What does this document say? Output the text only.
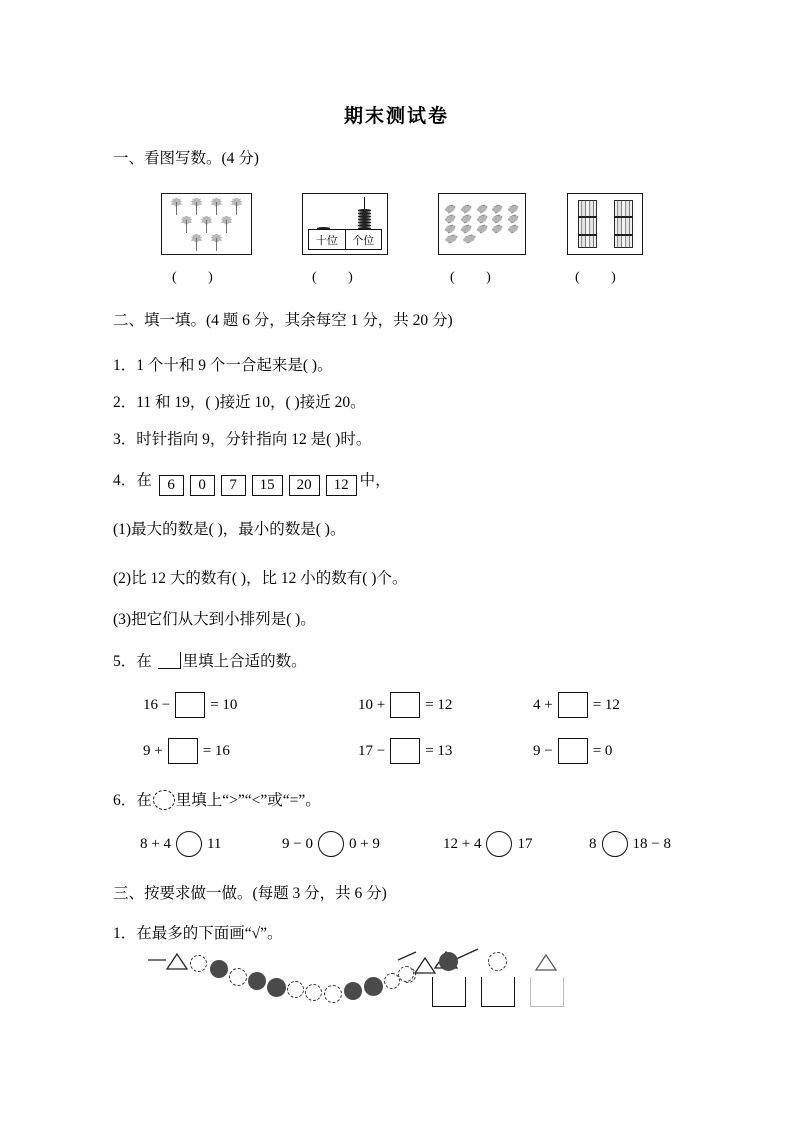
期末测试卷
一、看图写数。(4 分)
十位	个位
(         )	(         )	(         )	(         )
二、填一填。(4 题 6 分，其余每空 1 分，共 20 分)
1．1 个十和 9 个一合起来是( )。
2．11 和 19，( )接近 10，( )接近 20。
3．时针指向 9，分针指向 12 是( )时。
4．在 6 0 7 15 20 12 中，
(1)最大的数是( )，最小的数是( )。
(2)比 12 大的数有( )，比 12 小的数有( )个。
(3)把它们从大到小排列是( )。
5．在 里填上合适的数。
16 −	= 10	10 +	= 12	4 +	= 12
9 +	= 16	17 −	= 13	9 −	= 0
6．在 里填上“>”“<”或“=”。
8 + 4 11	9 − 0 0 + 9	12 + 4 17	8 18 − 8
三、按要求做一做。(每题 3 分，共 6 分)
1．在最多的下面画“√”。
